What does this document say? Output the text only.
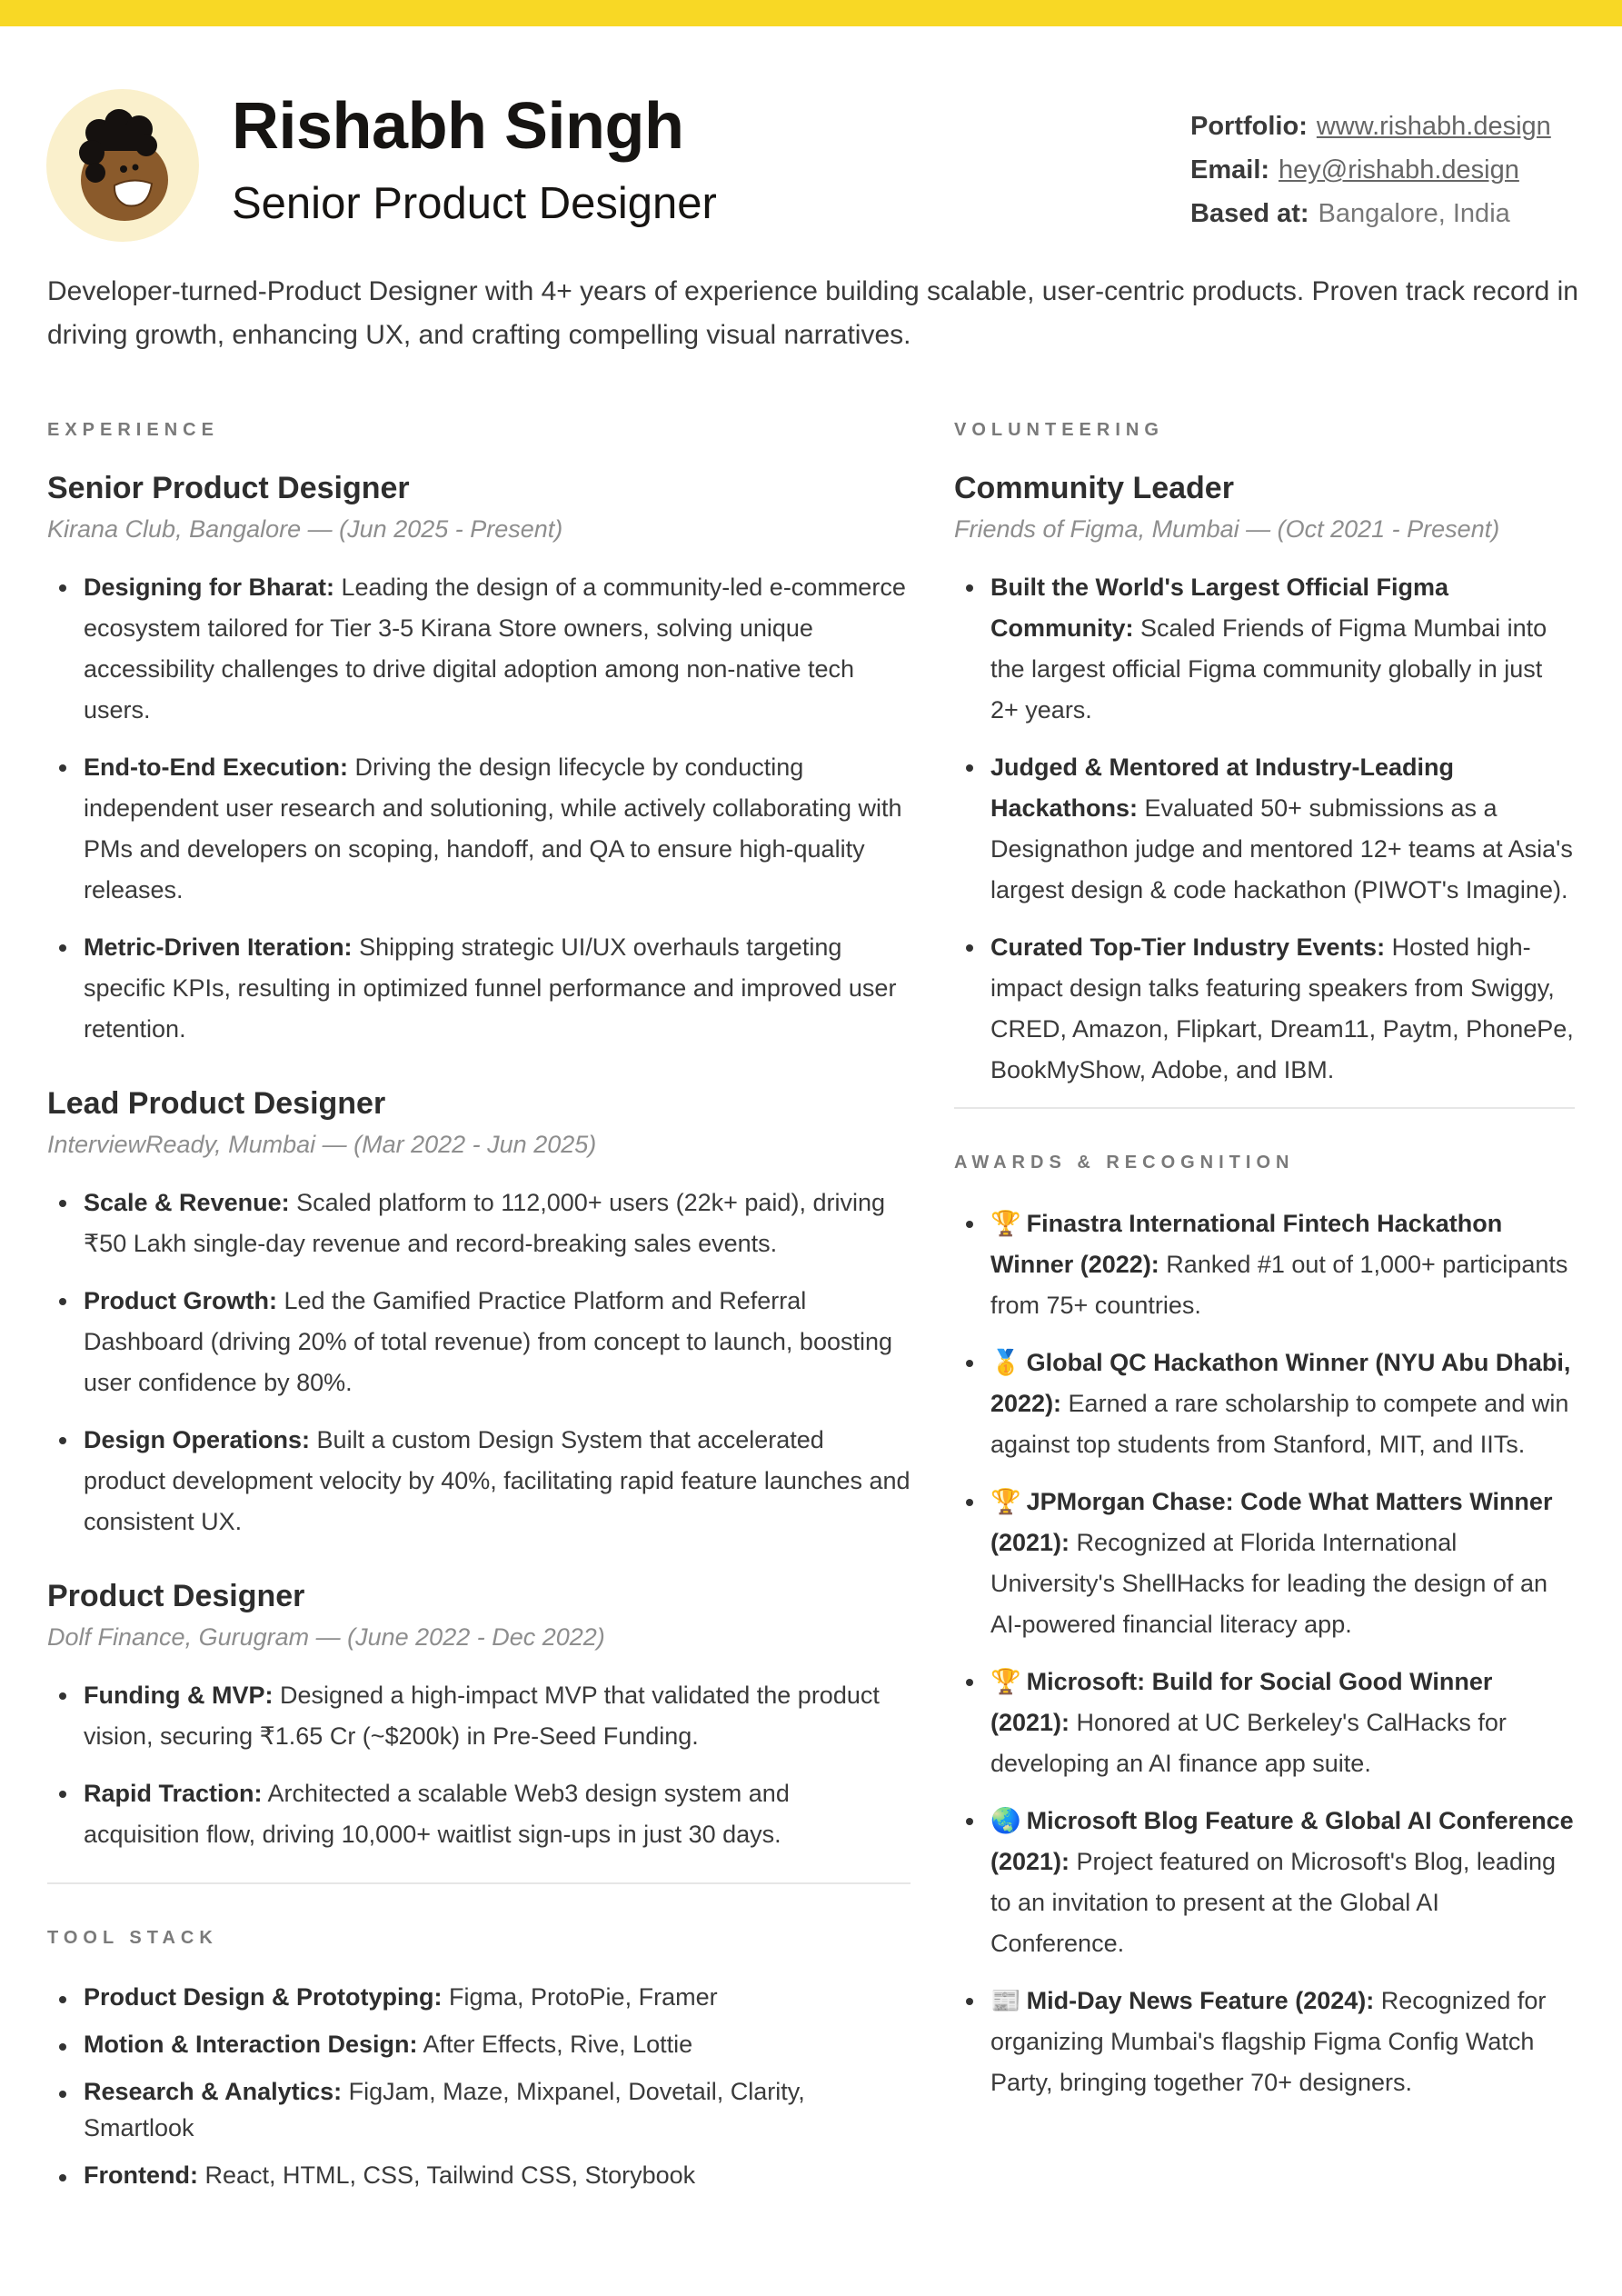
Rishabh Singh
Senior Product Designer
Portfolio: www.rishabh.design
Email: hey@rishabh.design
Based at: Bangalore, India
Developer-turned-Product Designer with 4+ years of experience building scalable, user-centric products. Proven track record in driving growth, enhancing UX, and crafting compelling visual narratives.
EXPERIENCE
Senior Product Designer
Kirana Club, Bangalore — (Jun 2025 - Present)
Designing for Bharat: Leading the design of a community-led e-commerce ecosystem tailored for Tier 3-5 Kirana Store owners, solving unique accessibility challenges to drive digital adoption among non-native tech users.
End-to-End Execution: Driving the design lifecycle by conducting independent user research and solutioning, while actively collaborating with PMs and developers on scoping, handoff, and QA to ensure high-quality releases.
Metric-Driven Iteration: Shipping strategic UI/UX overhauls targeting specific KPIs, resulting in optimized funnel performance and improved user retention.
Lead Product Designer
InterviewReady, Mumbai — (Mar 2022 - Jun 2025)
Scale & Revenue: Scaled platform to 112,000+ users (22k+ paid), driving ₹50 Lakh single-day revenue and record-breaking sales events.
Product Growth: Led the Gamified Practice Platform and Referral Dashboard (driving 20% of total revenue) from concept to launch, boosting user confidence by 80%.
Design Operations: Built a custom Design System that accelerated product development velocity by 40%, facilitating rapid feature launches and consistent UX.
Product Designer
Dolf Finance, Gurugram — (June 2022 - Dec 2022)
Funding & MVP: Designed a high-impact MVP that validated the product vision, securing ₹1.65 Cr (~$200k) in Pre-Seed Funding.
Rapid Traction: Architected a scalable Web3 design system and acquisition flow, driving 10,000+ waitlist sign-ups in just 30 days.
TOOL STACK
Product Design & Prototyping: Figma, ProtoPie, Framer
Motion & Interaction Design: After Effects, Rive, Lottie
Research & Analytics: FigJam, Maze, Mixpanel, Dovetail, Clarity, Smartlook
Frontend: React, HTML, CSS, Tailwind CSS, Storybook
VOLUNTEERING
Community Leader
Friends of Figma, Mumbai — (Oct 2021 - Present)
Built the World's Largest Official Figma Community: Scaled Friends of Figma Mumbai into the largest official Figma community globally in just 2+ years.
Judged & Mentored at Industry-Leading Hackathons: Evaluated 50+ submissions as a Designathon judge and mentored 12+ teams at Asia's largest design & code hackathon (PIWOT's Imagine).
Curated Top-Tier Industry Events: Hosted high-impact design talks featuring speakers from Swiggy, CRED, Amazon, Flipkart, Dream11, Paytm, PhonePe, BookMyShow, Adobe, and IBM.
AWARDS & RECOGNITION
🏆 Finastra International Fintech Hackathon Winner (2022): Ranked #1 out of 1,000+ participants from 75+ countries.
🥇 Global QC Hackathon Winner (NYU Abu Dhabi, 2022): Earned a rare scholarship to compete and win against top students from Stanford, MIT, and IITs.
🏆 JPMorgan Chase: Code What Matters Winner (2021): Recognized at Florida International University's ShellHacks for leading the design of an AI-powered financial literacy app.
🏆 Microsoft: Build for Social Good Winner (2021): Honored at UC Berkeley's CalHacks for developing an AI finance app suite.
🌏 Microsoft Blog Feature & Global AI Conference (2021): Project featured on Microsoft's Blog, leading to an invitation to present at the Global AI Conference.
📰 Mid-Day News Feature (2024): Recognized for organizing Mumbai's flagship Figma Config Watch Party, bringing together 70+ designers.
